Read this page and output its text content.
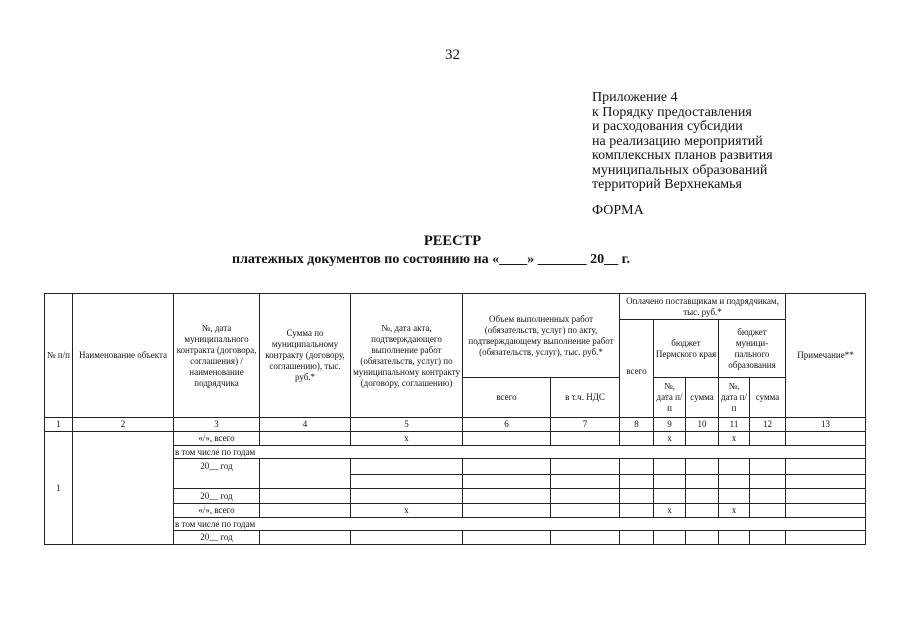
32
Приложение 4
к Порядку предоставления
и расходования субсидии
на реализацию мероприятий
комплексных планов развития
муниципальных образований
территорий Верхнекамья
ФОРМА
РЕЕСТР
платежных документов по состоянию на «____» _______ 20__ г.
№ п/п	Наименование объекта	№, дата муниципального контракта (договора, соглашения) / наименование подрядчика	Сумма по муниципальному контракту (договору, соглашению), тыс. руб.*	№, дата акта, подтверждающего выполнение работ (обязательств, услуг) по муниципальному контракту (договору, соглашению)	Объем выполненных работ (обязательств, услуг) по акту, подтверждающему выполнение работ (обязательств, услуг), тыс. руб.*		Оплачено поставщикам и подрядчикам, тыс. руб.*					Примечание**
							всего	бюджет Пермского края		бюджет муници- пального образования		

					всего	в т.ч. НДС		№, дата п/п	сумма	№, дата п/п	сумма	
1	2	3	4	5	6	7	8	9	10	11	12	13
1		«/», всего		х				х		х		
		в том числе по годам										
		20__ год										

		20__ год										
		«/», всего		х				х		х		
		в том числе по годам										
		20__ год										
